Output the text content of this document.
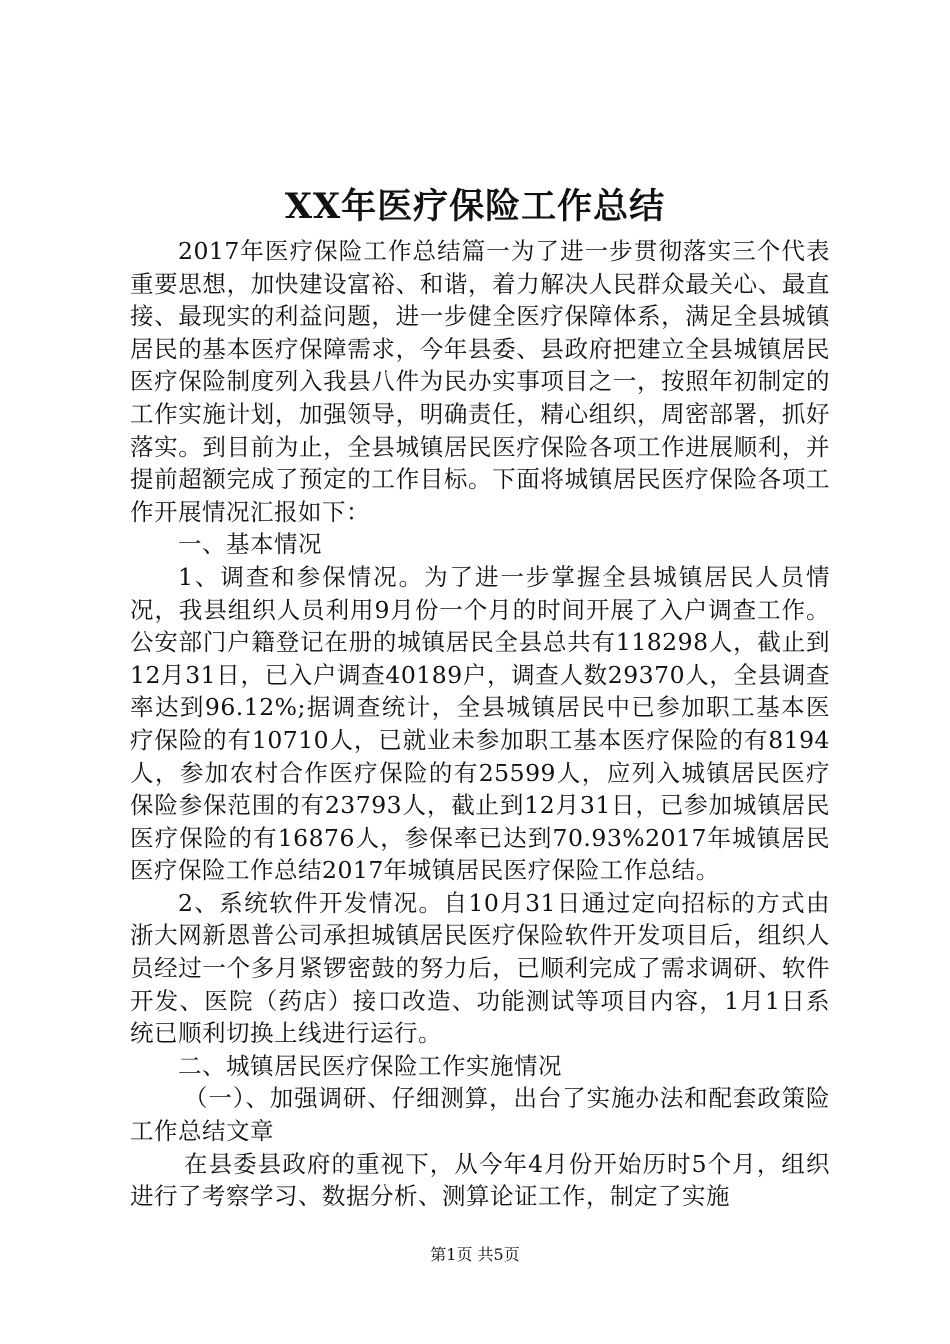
XX年医疗保险工作总结

2017年医疗保险工作总结篇一为了进一步贯彻落实三个代表重要思想，加快建设富裕、和谐，着力解决人民群众最关心、最直接、最现实的利益问题，进一步健全医疗保障体系，满足全县城镇居民的基本医疗保障需求，今年县委、县政府把建立全县城镇居民医疗保险制度列入我县八件为民办实事项目之一，按照年初制定的工作实施计划，加强领导，明确责任，精心组织，周密部署，抓好落实。到目前为止，全县城镇居民医疗保险各项工作进展顺利，并提前超额完成了预定的工作目标。下面将城镇居民医疗保险各项工作开展情况汇报如下：

一、基本情况

1、调查和参保情况。为了进一步掌握全县城镇居民人员情况，我县组织人员利用9月份一个月的时间开展了入户调查工作。公安部门户籍登记在册的城镇居民全县总共有118298人，截止到12月31日，已入户调查40189户，调查人数29370人，全县调查率达到96.12%;据调查统计，全县城镇居民中已参加职工基本医疗保险的有10710人，已就业未参加职工基本医疗保险的有8194人，参加农村合作医疗保险的有25599人，应列入城镇居民医疗保险参保范围的有23793人，截止到12月31日，已参加城镇居民医疗保险的有16876人，参保率已达到70.93%2017年城镇居民医疗保险工作总结2017年城镇居民医疗保险工作总结。

2、系统软件开发情况。自10月31日通过定向招标的方式由浙大网新恩普公司承担城镇居民医疗保险软件开发项目后，组织人员经过一个多月紧锣密鼓的努力后，已顺利完成了需求调研、软件开发、医院（药店）接口改造、功能测试等项目内容，1月1日系统已顺利切换上线进行运行。

二、城镇居民医疗保险工作实施情况

（一）、加强调研、仔细测算，出台了实施办法和配套政策险工作总结文章

在县委县政府的重视下，从今年4月份开始历时5个月，组织进行了考察学习、数据分析、测算论证工作，制定了实施

第1页 共5页
